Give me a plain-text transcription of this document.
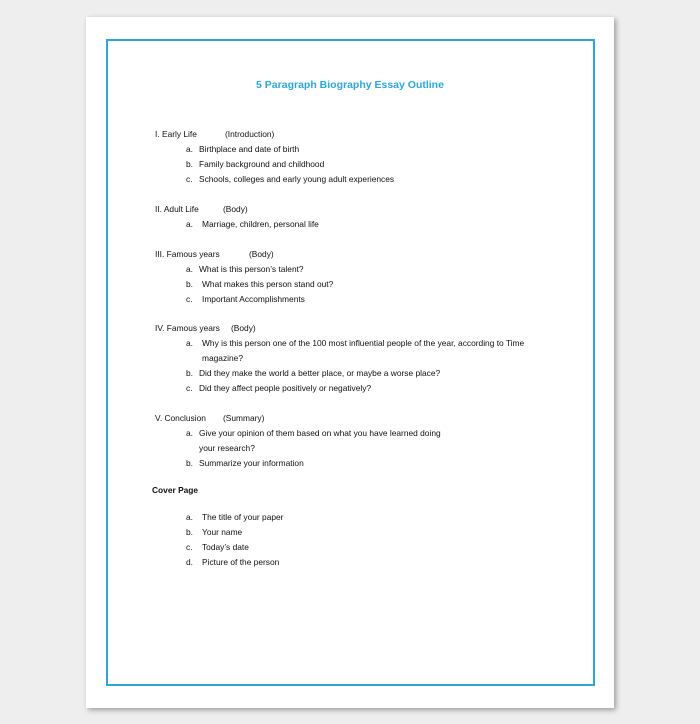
5 Paragraph Biography Essay Outline
I. Early Life	(Introduction)
a. Birthplace and date of birth
b. Family background and childhood
c. Schools, colleges and early young adult experiences
II. Adult Life	(Body)
a. Marriage, children, personal life
III. Famous years	(Body)
a. What is this person’s talent?
b. What makes this person stand out?
c. Important Accomplishments
IV. Famous years (Body)
a. Why is this person one of the 100 most influential people of the year, according to Time
magazine?
b. Did they make the world a better place, or maybe a worse place?
c. Did they affect people positively or negatively?
V. Conclusion (Summary)
a. Give your opinion of them based on what you have learned doing
your research?
b. Summarize your information
Cover Page
a. The title of your paper
b. Your name
c. Today’s date
d. Picture of the person
